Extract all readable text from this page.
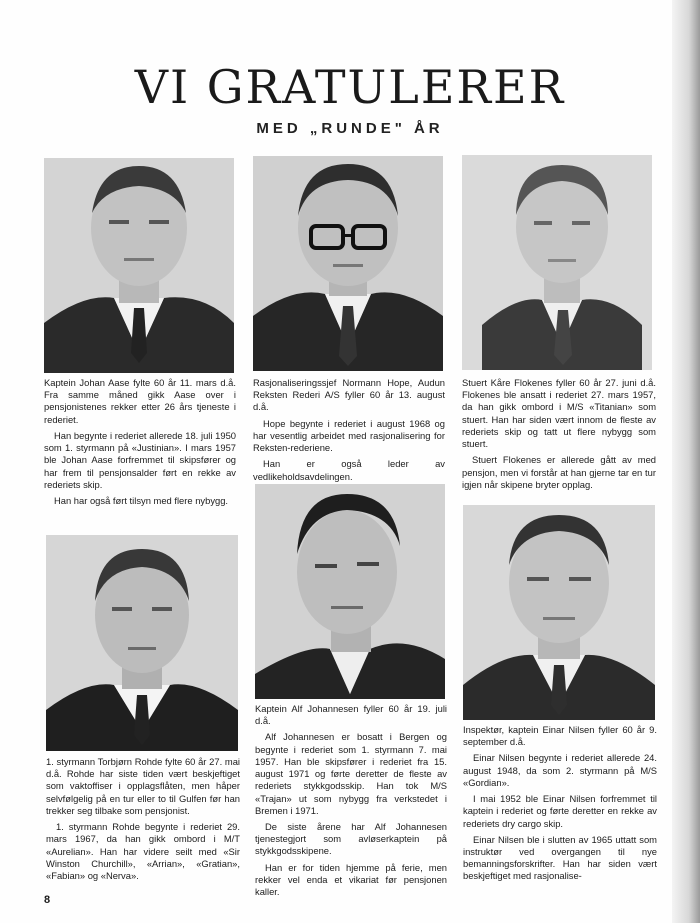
VI GRATULERER
MED „RUNDE" ÅR

Kaptein Johan Aase fylte 60 år 11. mars d.å. Fra samme måned gikk Aase over i pensjonistenes rekker etter 26 års tjeneste i rederiet.

Han begynte i rederiet allerede 18. juli 1950 som 1. styrmann på «Justinian». I mars 1957 ble Johan Aase forfremmet til skipsfører og har frem til pensjonsalder ført en rekke av rederiets skip.

Han har også ført tilsyn med flere nybygg.

Rasjonaliseringssjef Normann Hope, Audun Reksten Rederi A/S fyller 60 år 13. august d.å.

Hope begynte i rederiet i august 1968 og har vesentlig arbeidet med rasjonalisering for Reksten-rederiene.

Han er også leder av vedlikeholdsavdelingen.

Stuert Kåre Flokenes fyller 60 år 27. juni d.å. Flokenes ble ansatt i rederiet 27. mars 1957, da han gikk ombord i M/S «Titanian» som stuert. Han har siden vært innom de fleste av rederiets skip og tatt ut flere nybygg som stuert.

Stuert Flokenes er allerede gått av med pensjon, men vi forstår at han gjerne tar en tur igjen når skipene bryter opplag.

1. styrmann Torbjørn Rohde fylte 60 år 27. mai d.å. Rohde har siste tiden vært beskjeftiget som vaktoffiser i opplagsflåten, men håper selvfølgelig på en tur eller to til Gulfen før han trekker seg tilbake som pensjonist.

1. styrmann Rohde begynte i rederiet 29. mars 1967, da han gikk ombord i M/T «Aurelian». Han har videre seilt med «Sir Winston Churchill», «Arrian», «Gratian», «Fabian» og «Nerva».

Kaptein Alf Johannesen fyller 60 år 19. juli d.å.

Alf Johannesen er bosatt i Bergen og begynte i rederiet som 1. styrmann 7. mai 1957. Han ble skipsfører i rederiet fra 15. august 1971 og førte deretter de fleste av rederiets stykkgodsskip. Han tok M/S «Trajan» ut som nybygg fra verkstedet i Bremen i 1971.

De siste årene har Alf Johannesen tjenestegjort som avløserkaptein på stykkgodsskipene.

Han er for tiden hjemme på ferie, men rekker vel enda et vikariat før pensjonen kaller.

Inspektør, kaptein Einar Nilsen fyller 60 år 9. september d.å.

Einar Nilsen begynte i rederiet allerede 24. august 1948, da som 2. styrmann på M/S «Gordian».

I mai 1952 ble Einar Nilsen forfremmet til kaptein i rederiet og førte deretter en rekke av rederiets dry cargo skip.

Einar Nilsen ble i slutten av 1965 uttatt som instruktør ved overgangen til nye bemanningsforskrifter. Han har siden vært beskjeftiget med rasjonalise-

8
